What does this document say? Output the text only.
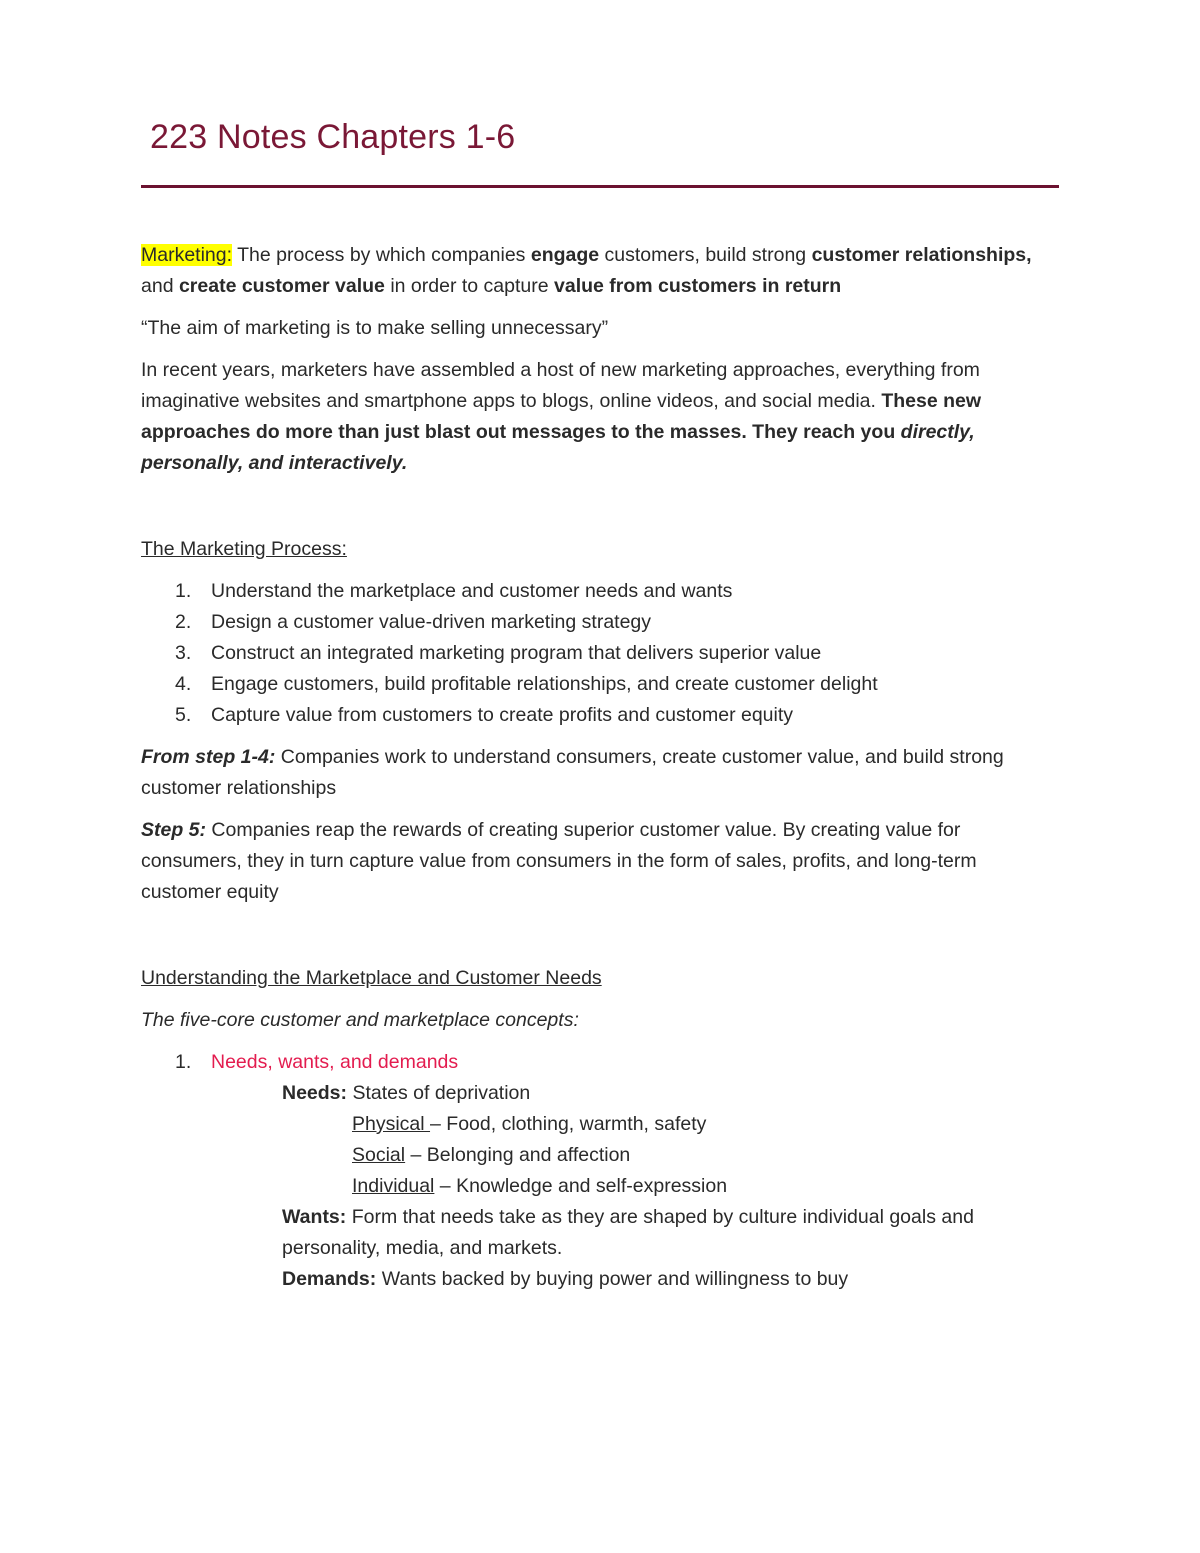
223 Notes Chapters 1-6

Marketing: The process by which companies engage customers, build strong customer relationships, and create customer value in order to capture value from customers in return

“The aim of marketing is to make selling unnecessary”

In recent years, marketers have assembled a host of new marketing approaches, everything from imaginative websites and smartphone apps to blogs, online videos, and social media. These new approaches do more than just blast out messages to the masses. They reach you directly, personally, and interactively.

The Marketing Process:

1. Understand the marketplace and customer needs and wants
2. Design a customer value-driven marketing strategy
3. Construct an integrated marketing program that delivers superior value
4. Engage customers, build profitable relationships, and create customer delight
5. Capture value from customers to create profits and customer equity

From step 1-4: Companies work to understand consumers, create customer value, and build strong customer relationships

Step 5: Companies reap the rewards of creating superior customer value. By creating value for consumers, they in turn capture value from consumers in the form of sales, profits, and long-term customer equity

Understanding the Marketplace and Customer Needs

The five-core customer and marketplace concepts:

1. Needs, wants, and demands

Needs: States of deprivation

Physical – Food, clothing, warmth, safety

Social – Belonging and affection

Individual – Knowledge and self-expression

Wants: Form that needs take as they are shaped by culture individual goals and personality, media, and markets.

Demands: Wants backed by buying power and willingness to buy
